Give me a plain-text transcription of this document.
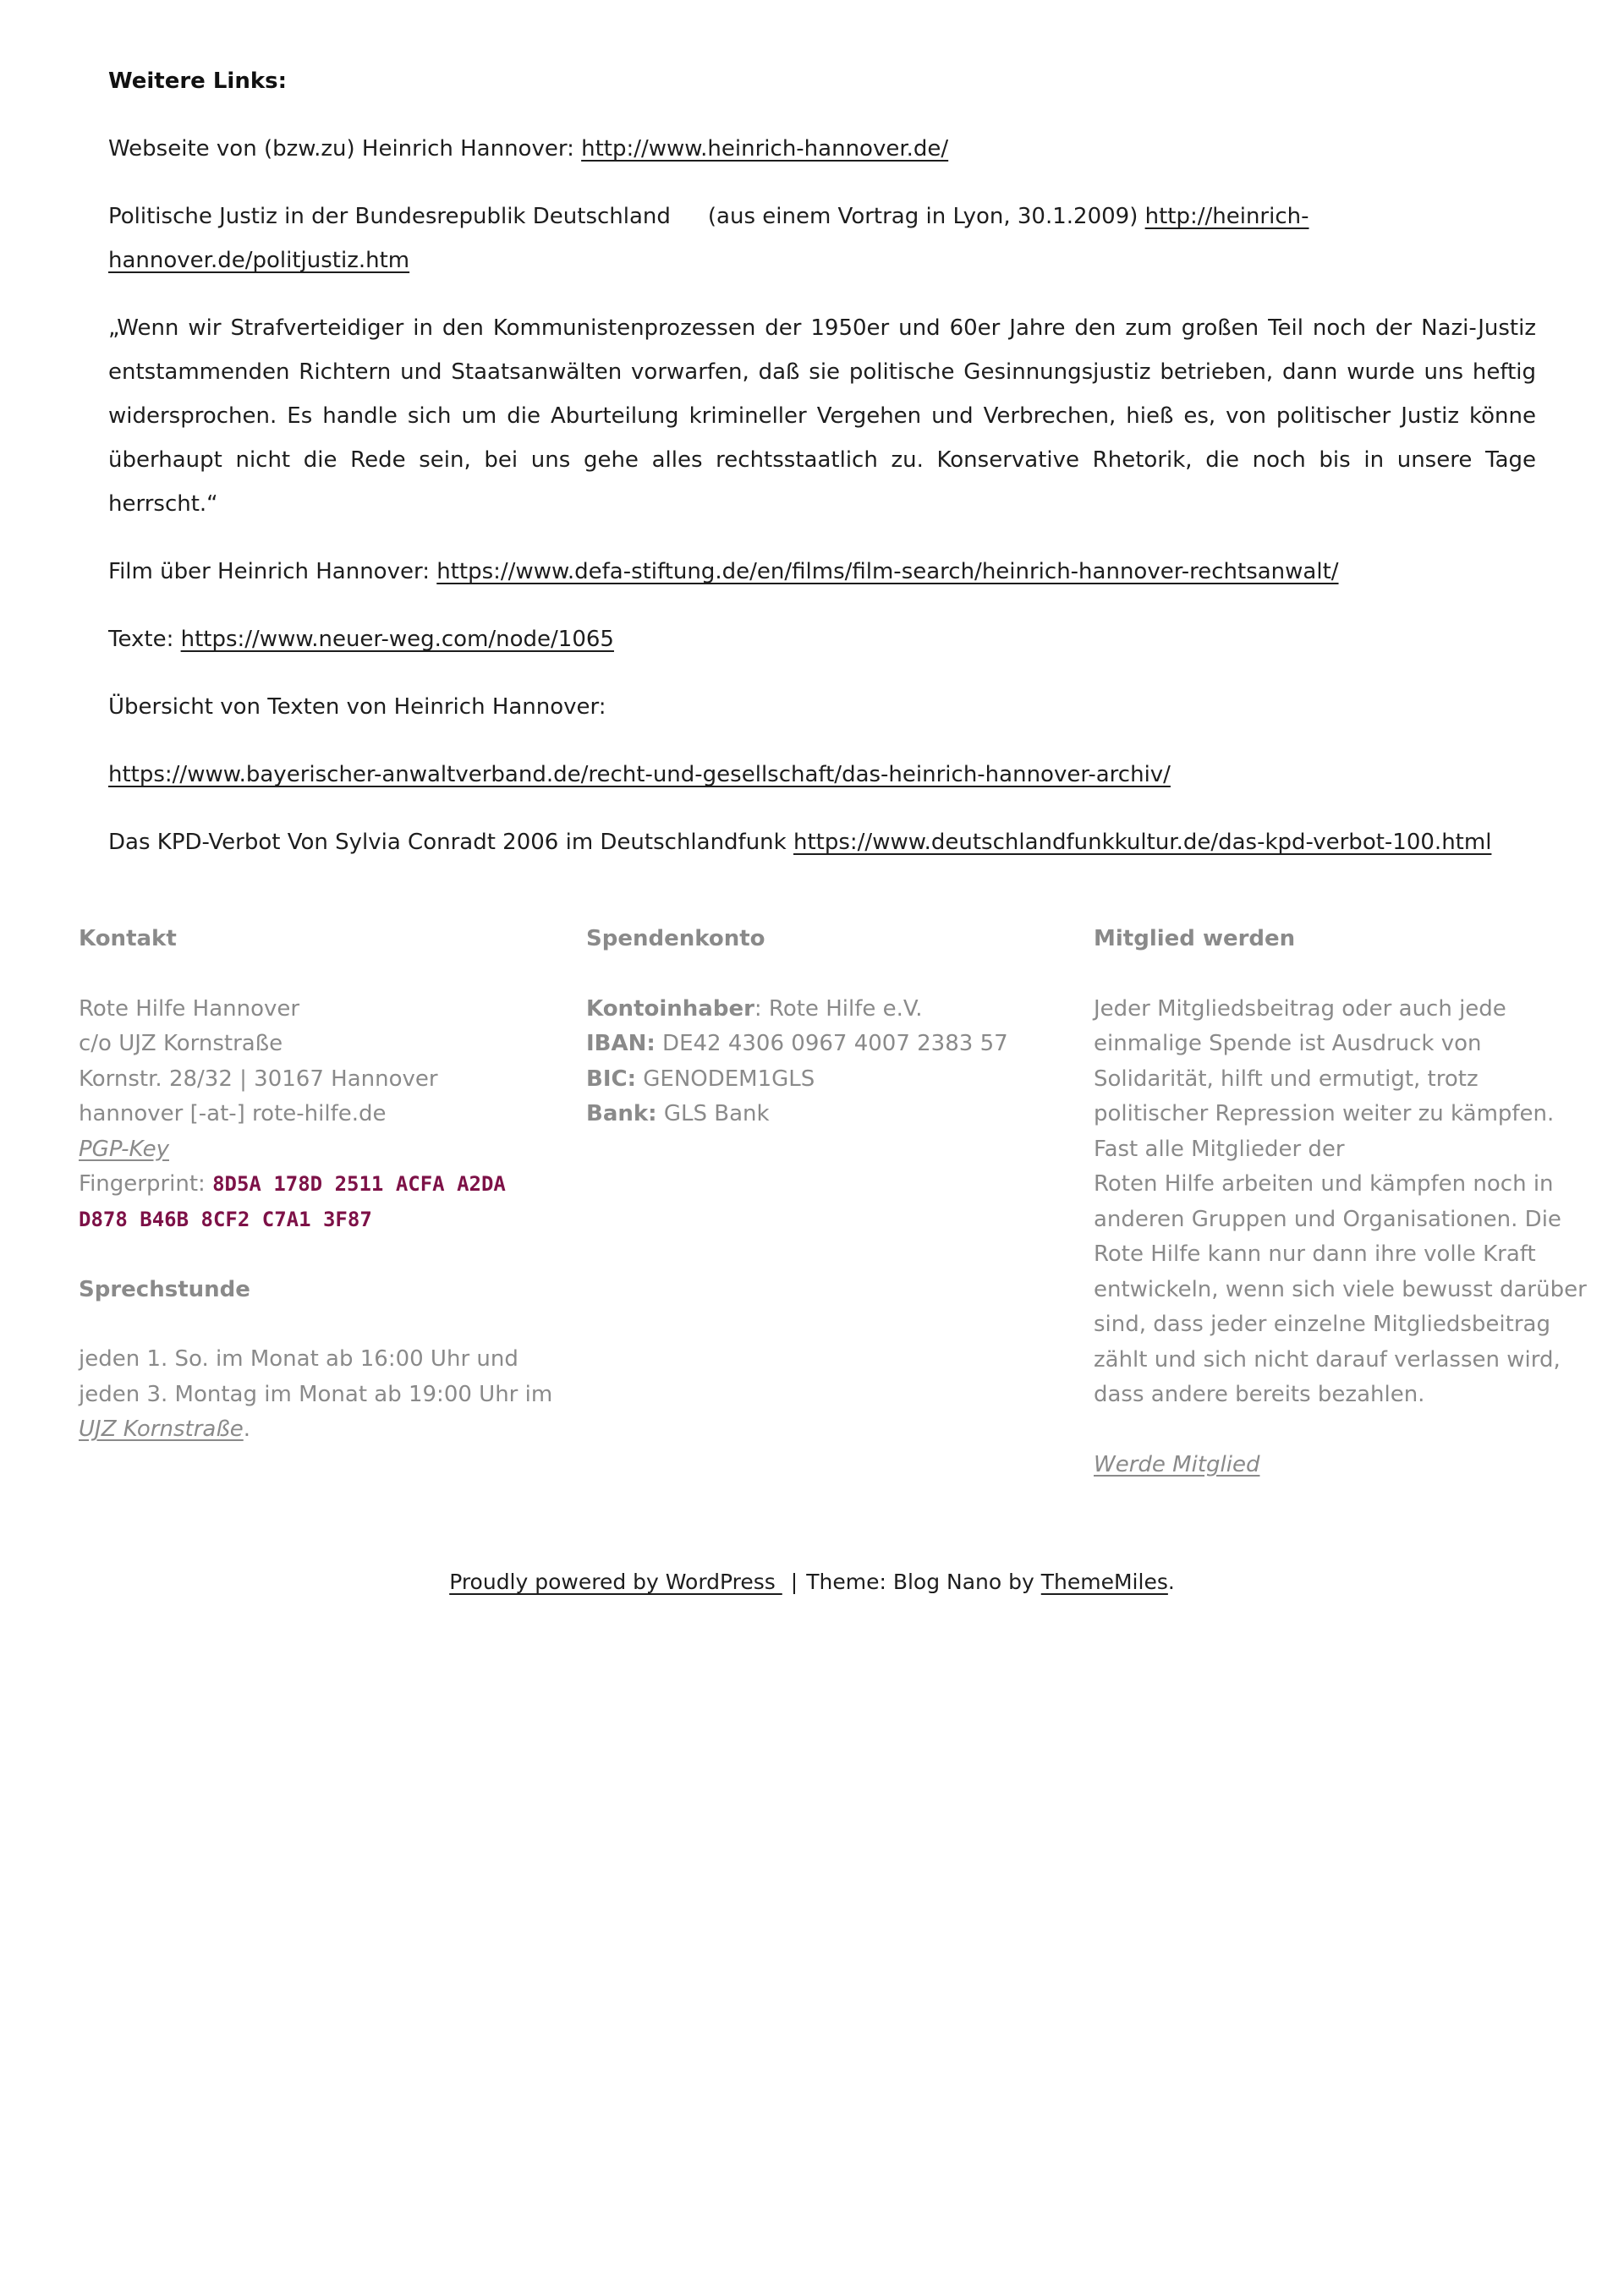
Weitere Links:

Webseite von (bzw.zu) Heinrich Hannover: http://www.heinrich-hannover.de/

Politische Justiz in der Bundesrepublik Deutschland (aus einem Vortrag in Lyon, 30.1.2009) http://heinrich-hannover.de/politjustiz.htm

„Wenn wir Strafverteidiger in den Kommunistenprozessen der 1950er und 60er Jahre den zum großen Teil noch der Nazi-Justiz entstammenden Richtern und Staatsanwälten vorwarfen, daß sie politische Gesinnungsjustiz betrieben, dann wurde uns heftig widersprochen. Es handle sich um die Aburteilung krimineller Vergehen und Verbrechen, hieß es, von politischer Justiz könne überhaupt nicht die Rede sein, bei uns gehe alles rechtsstaatlich zu. Konservative Rhetorik, die noch bis in unsere Tage herrscht.“

Film über Heinrich Hannover: https://www.defa-stiftung.de/en/films/film-search/heinrich-hannover-rechtsanwalt/

Texte: https://www.neuer-weg.com/node/1065

Übersicht von Texten von Heinrich Hannover:

https://www.bayerischer-anwaltverband.de/recht-und-gesellschaft/das-heinrich-hannover-archiv/

Das KPD-Verbot Von Sylvia Conradt 2006 im Deutschlandfunk https://www.deutschlandfunkkultur.de/das-kpd-verbot-100.html

Kontakt
Rote Hilfe Hannover
c/o UJZ Kornstraße
Kornstr. 28/32 | 30167 Hannover
hannover [-at-] rote-hilfe.de
PGP-Key
Fingerprint: 8D5A 178D 2511 ACFA A2DA
D878 B46B 8CF2 C7A1 3F87
Sprechstunde
jeden 1. So. im Monat ab 16:00 Uhr und
jeden 3. Montag im Monat ab 19:00 Uhr im
UJZ Kornstraße.
Spendenkonto
Kontoinhaber: Rote Hilfe e.V.
IBAN: DE42 4306 0967 4007 2383 57
BIC: GENODEM1GLS
Bank: GLS Bank
Mitglied werden
Jeder Mitgliedsbeitrag oder auch jede
einmalige Spende ist Ausdruck von
Solidarität, hilft und ermutigt, trotz
politischer Repression weiter zu kämpfen.
Fast alle Mitglieder der
Roten Hilfe arbeiten und kämpfen noch in
anderen Gruppen und Organisationen. Die
Rote Hilfe kann nur dann ihre volle Kraft
entwickeln, wenn sich viele bewusst darüber
sind, dass jeder einzelne Mitgliedsbeitrag
zählt und sich nicht darauf verlassen wird,
dass andere bereits bezahlen.
Werde Mitglied
Proudly powered by WordPress | Theme: Blog Nano by ThemeMiles.
